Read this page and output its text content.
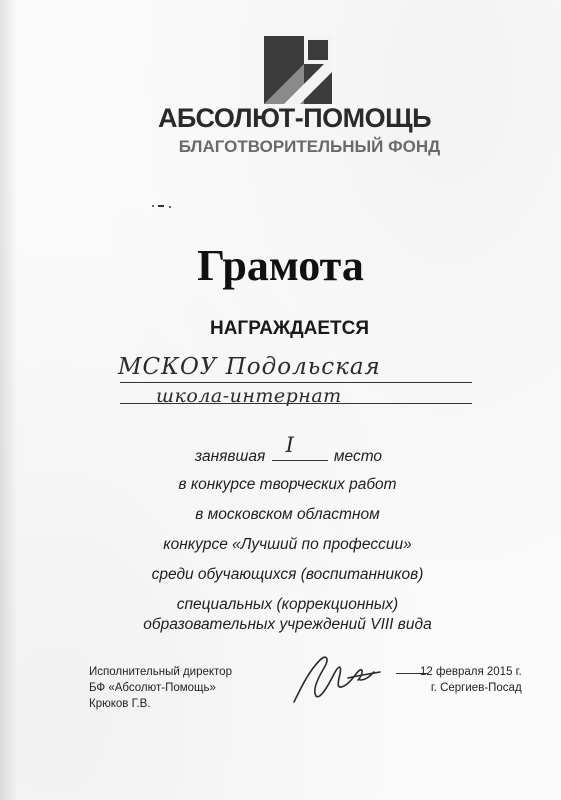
АБСОЛЮТ-ПОМОЩЬ
БЛАГОТВОРИТЕЛЬНЫЙ ФОНД
Грамота
НАГРАЖДАЕТСЯ
МСКОУ Подольская
школа-интернат
занявшая I	место
в конкурсе творческих работ
в московском областном
конкурсе «Лучший по профессии»
среди обучающихся (воспитанников)
специальных (коррекционных)
образовательных учреждений VIII вида
Исполнительный директор
БФ «Абсолют-Помощь»
Крюков Г.В.
12 февраля 2015 г.
г. Сергиев-Посад
